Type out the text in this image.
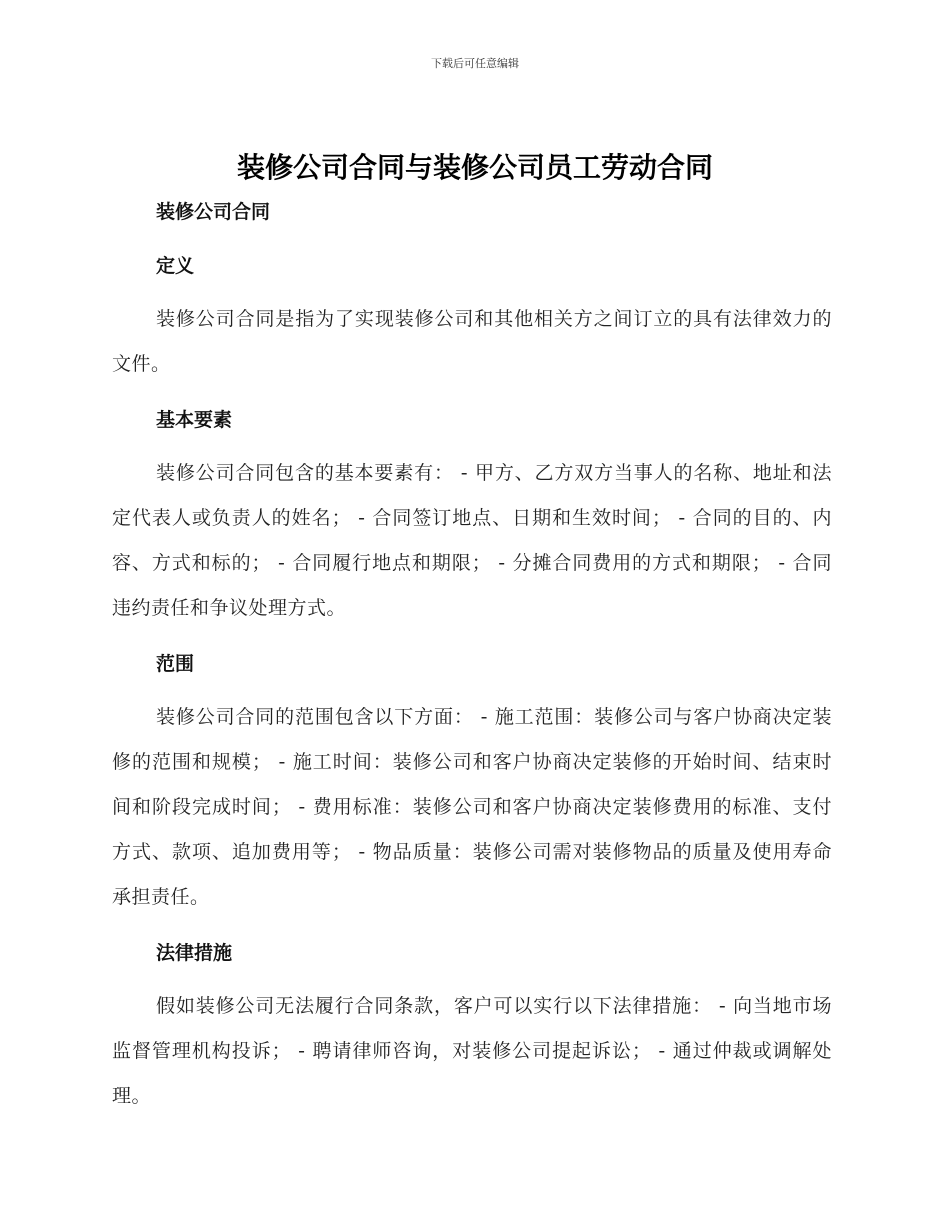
下载后可任意编辑
装修公司合同与装修公司员工劳动合同
装修公司合同
定义

装修公司合同是指为了实现装修公司和其他相关方之间订立的具有法律效力的文件。

基本要素

装修公司合同包含的基本要素有： - 甲方、乙方双方当事人的名称、地址和法定代表人或负责人的姓名； - 合同签订地点、日期和生效时间； - 合同的目的、内容、方式和标的； - 合同履行地点和期限； - 分摊合同费用的方式和期限； - 合同违约责任和争议处理方式。

范围

装修公司合同的范围包含以下方面： - 施工范围：装修公司与客户协商决定装修的范围和规模； - 施工时间：装修公司和客户协商决定装修的开始时间、结束时间和阶段完成时间； - 费用标准：装修公司和客户协商决定装修费用的标准、支付方式、款项、追加费用等； - 物品质量：装修公司需对装修物品的质量及使用寿命承担责任。

法律措施

假如装修公司无法履行合同条款，客户可以实行以下法律措施： - 向当地市场监督管理机构投诉； - 聘请律师咨询，对装修公司提起诉讼； - 通过仲裁或调解处理。
